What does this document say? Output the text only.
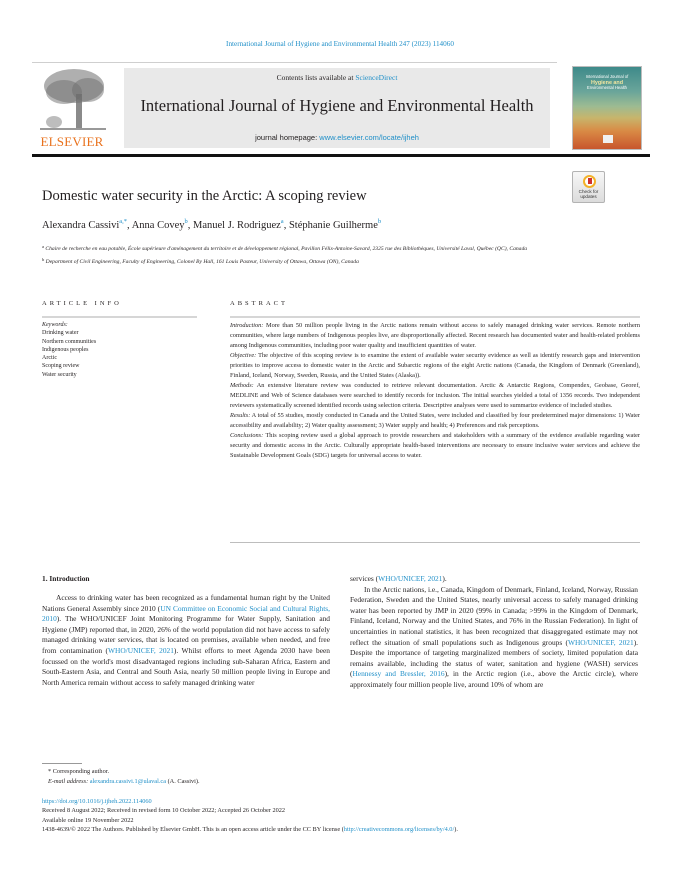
International Journal of Hygiene and Environmental Health 247 (2023) 114060
ELSEVIER
Contents lists available at ScienceDirect
International Journal of Hygiene and Environmental Health
journal homepage: www.elsevier.com/locate/ijheh
International Journal of
Hygiene and
Environmental Health
Domestic water security in the Arctic: A scoping review	Check for
updates
Alexandra Cassivi$^{a,*}$, Anna Covey$^b$, Manuel J. Rodriguez$^a$, Stéphanie Guilherme$^b$
$^a$ Chaire de recherche en eau potable, École supérieure d'aménagement du territoire et de développement régional, Pavillon Félix-Antoine-Savard, 2325 rue des Bibliothèques, Université Laval, Québec (QC), Canada
$^b$ Department of Civil Engineering, Faculty of Engineering, Colonel By Hall, 161 Louis Pasteur, University of Ottawa, Ottawa (ON), Canada
ARTICLE INFO	ABSTRACT
Keywords:
Drinking water
Northern communities
Indigenous peoples
Arctic
Scoping review
Water security

Introduction: More than 50 million people living in the Arctic nations remain without access to safely managed drinking water services. Remote northern communities, where large numbers of Indigenous peoples live, are disproportionally affected. Recent research has documented water and health-related problems among Indigenous communities, including poor water quality and insufficient quantities of water.

Objective: The objective of this scoping review is to examine the extent of available water security evidence as well as identify research gaps and intervention priorities to improve access to domestic water in the Arctic and Subarctic regions of the eight Arctic nations (Canada, the Kingdom of Denmark (Greenland), Finland, Iceland, Norway, Sweden, Russia, and the United States (Alaska)).

Methods: An extensive literature review was conducted to retrieve relevant documentation. Arctic & Antarctic Regions, Compendex, Geobase, Georef, MEDLINE and Web of Science databases were searched to identify records for inclusion. The initial searches yielded a total of 1356 records. Two independent reviewers systematically screened identified records using selection criteria. Descriptive analyses were used to summarize evidence of included studies.

Results: A total of 55 studies, mostly conducted in Canada and the United States, were included and classified by four predetermined major dimensions: 1) Water accessibility and availability; 2) Water quality assessment; 3) Water supply and health; 4) Preferences and risk perceptions.

Conclusions: This scoping review used a global approach to provide researchers and stakeholders with a summary of the evidence available regarding water security and domestic access in the Arctic. Culturally appropriate health-based interventions are necessary to ensure inclusive water services and achieve the Sustainable Development Goals (SDG) targets for universal access to water.

1. Introduction

Access to drinking water has been recognized as a fundamental human right by the United Nations General Assembly since 2010 (UN Committee on Economic Social and Cultural Rights, 2010). The WHO/UNICEF Joint Monitoring Programme for Water Supply, Sanitation and Hygiene (JMP) reported that, in 2020, 26% of the world population did not have access to safely managed drinking water services, that is located on premises, available when needed, and free from contamination (WHO/UNICEF, 2021). Whilst efforts to meet Agenda 2030 have been focussed on the world's most disadvantaged regions including sub-Saharan Africa, Eastern and South-Eastern Asia, and Central and South Asia, nearly 50 million people living in Europe and North America remain without access to safely managed drinking water

services (WHO/UNICEF, 2021).

In the Arctic nations, i.e., Canada, Kingdom of Denmark, Finland, Iceland, Norway, Russian Federation, Sweden and the United States, nearly universal access to safely managed drinking water has been reported by JMP in 2020 (99% in Canada; >99% in the Kingdom of Denmark, Finland, Iceland, Norway and the United States, and 76% in the Russian Federation). In light of uncertainties in national statistics, it has been recognized that disaggregated estimate may not reflect the situation of small populations such as Indigenous groups (WHO/UNICEF, 2021). Despite the importance of targeting marginalized members of society, limited population data remains available, including the status of water, sanitation and hygiene (WASH) services (Hennessy and Bressler, 2016), in the Arctic region (i.e., above the Arctic circle), where approximately four million people live, around 10% of whom are

* Corresponding author.
E-mail address: alexandra.cassivi.1@ulaval.ca (A. Cassivi).
https://doi.org/10.1016/j.ijheh.2022.114060
Received 8 August 2022; Received in revised form 10 October 2022; Accepted 26 October 2022
Available online 19 November 2022
1438-4639/© 2022 The Authors. Published by Elsevier GmbH. This is an open access article under the CC BY license (http://creativecommons.org/licenses/by/4.0/).
